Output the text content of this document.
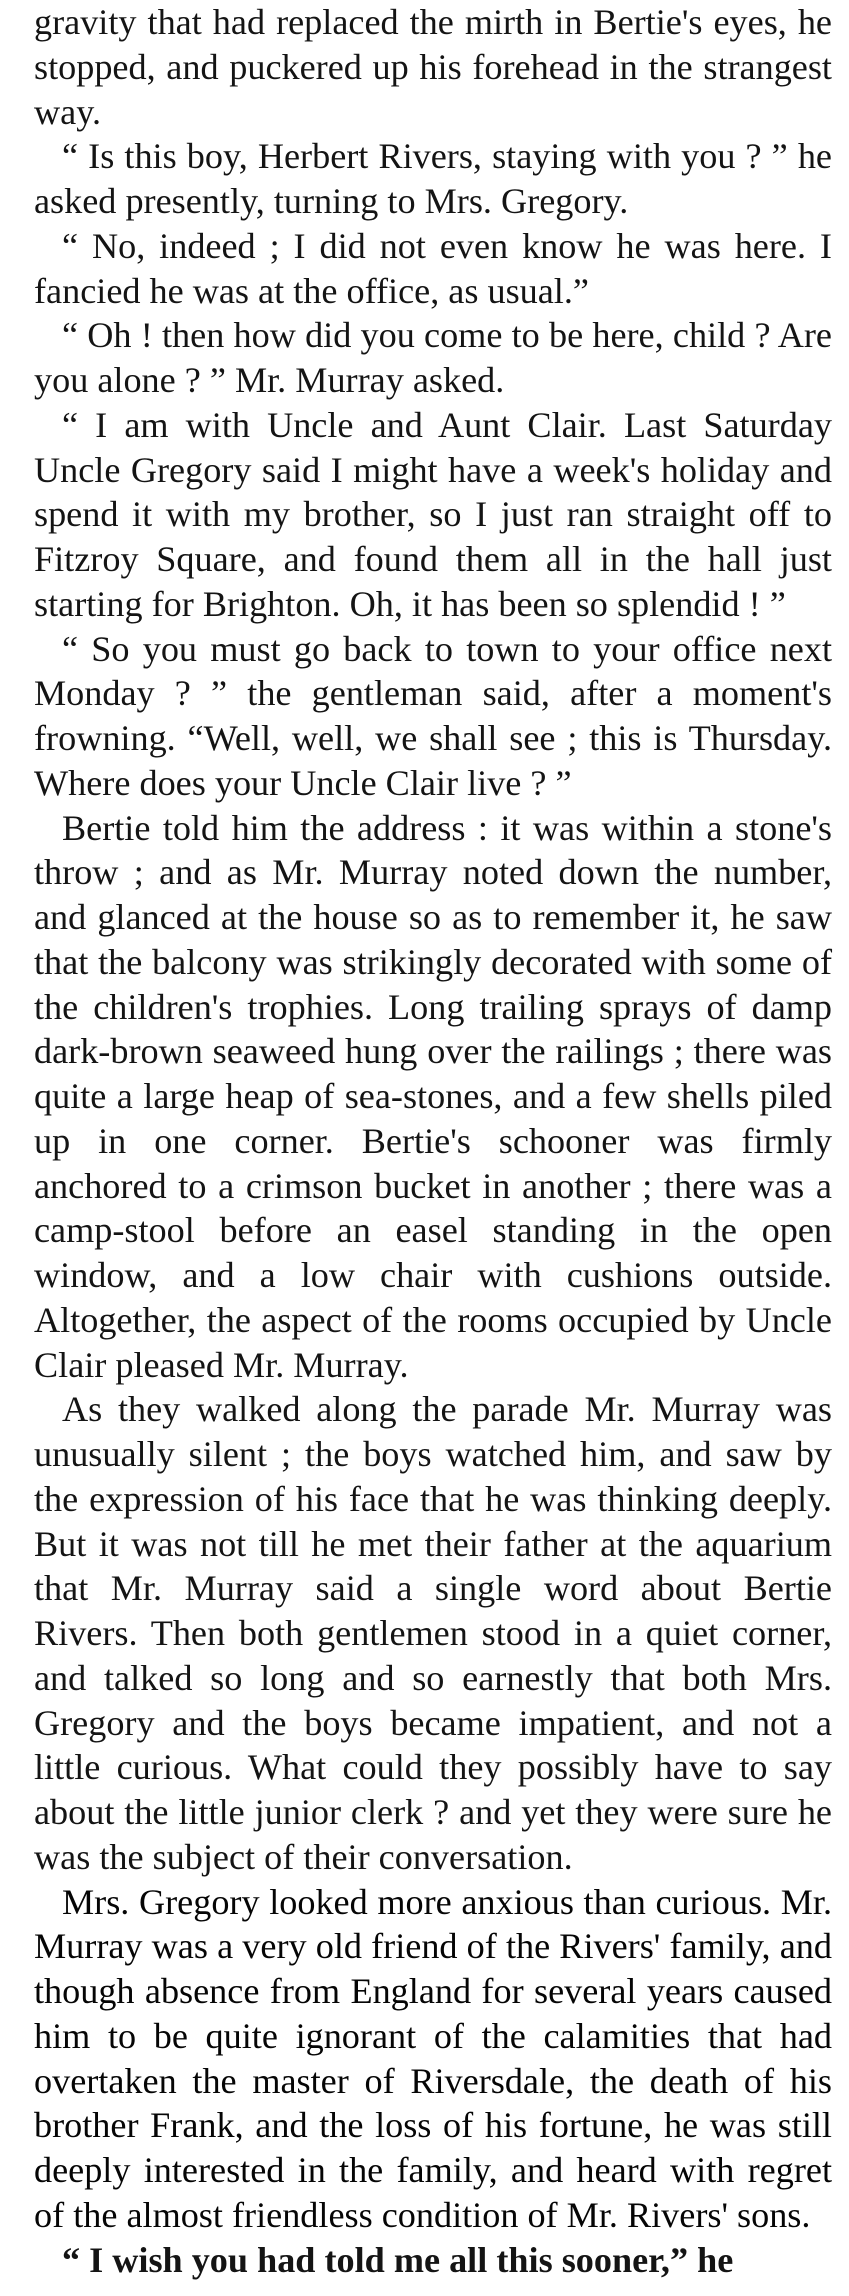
gravity that had replaced the mirth in Bertie's eyes, he stopped, and puckered up his forehead in the strangest way.

“ Is this boy, Herbert Rivers, staying with you ? ” he asked presently, turning to Mrs. Gregory.

“ No, indeed ; I did not even know he was here. I fancied he was at the office, as usual.”

“ Oh ! then how did you come to be here, child ? Are you alone ? ” Mr. Murray asked.

“ I am with Uncle and Aunt Clair. Last Saturday Uncle Gregory said I might have a week's holiday and spend it with my brother, so I just ran straight off to Fitzroy Square, and found them all in the hall just starting for Brighton. Oh, it has been so splendid ! ”

“ So you must go back to town to your office next Monday ? ” the gentleman said, after a moment's frowning. “Well, well, we shall see ; this is Thursday. Where does your Uncle Clair live ? ”

Bertie told him the address : it was within a stone's throw ; and as Mr. Murray noted down the number, and glanced at the house so as to remember it, he saw that the balcony was strikingly decorated with some of the children's trophies. Long trailing sprays of damp dark-brown seaweed hung over the railings ; there was quite a large heap of sea-stones, and a few shells piled up in one corner. Bertie's schooner was firmly anchored to a crimson bucket in another ; there was a camp-stool before an easel standing in the open window, and a low chair with cushions outside. Altogether, the aspect of the rooms occupied by Uncle Clair pleased Mr. Murray.

As they walked along the parade Mr. Murray was unusually silent ; the boys watched him, and saw by the expression of his face that he was thinking deeply. But it was not till he met their father at the aquarium that Mr. Murray said a single word about Bertie Rivers. Then both gentlemen stood in a quiet corner, and talked so long and so earnestly that both Mrs. Gregory and the boys became impatient, and not a little curious. What could they possibly have to say about the little junior clerk ? and yet they were sure he was the subject of their conversation.

Mrs. Gregory looked more anxious than curious. Mr. Murray was a very old friend of the Rivers' family, and though absence from England for several years caused him to be quite ignorant of the calamities that had overtaken the master of Riversdale, the death of his brother Frank, and the loss of his fortune, he was still deeply interested in the family, and heard with regret of the almost friendless condition of Mr. Rivers' sons.

“ I wish you had told me all this sooner,” he
